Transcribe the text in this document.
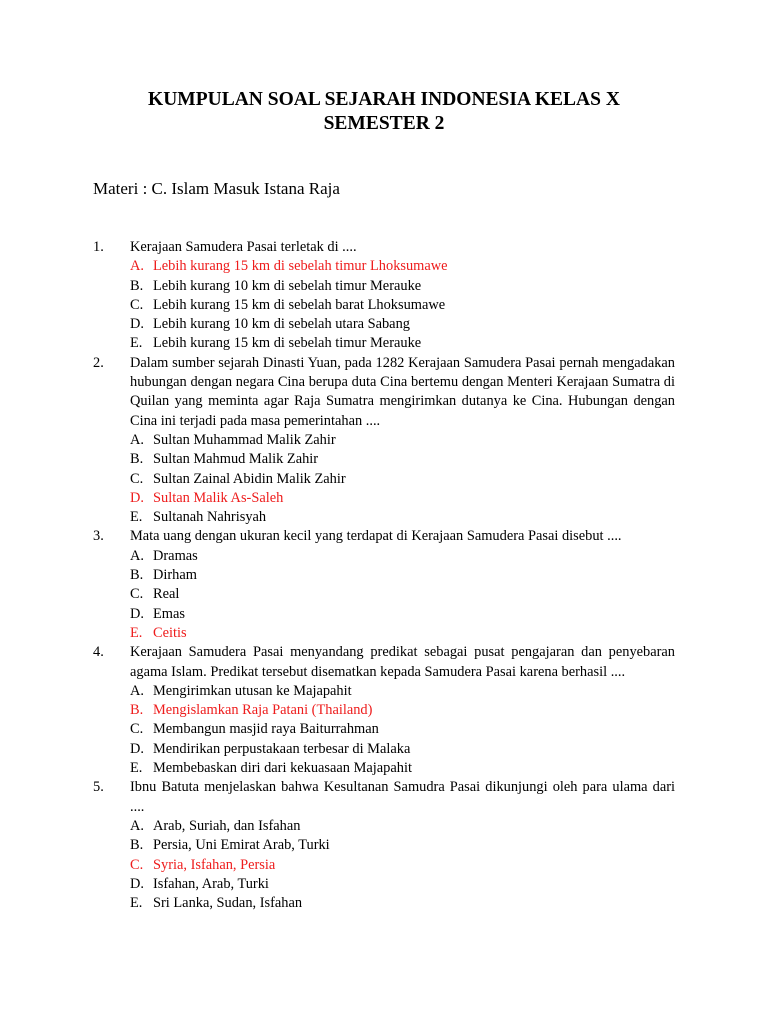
KUMPULAN SOAL SEJARAH INDONESIA KELAS X
SEMESTER 2
Materi : C. Islam Masuk Istana Raja
1. Kerajaan Samudera Pasai terletak di ....
A. Lebih kurang 15 km di sebelah timur Lhoksumawe
B. Lebih kurang 10 km di sebelah timur Merauke
C. Lebih kurang 15 km di sebelah barat Lhoksumawe
D. Lebih kurang 10 km di sebelah utara Sabang
E. Lebih kurang 15 km di sebelah timur Merauke
2. Dalam sumber sejarah Dinasti Yuan, pada 1282 Kerajaan Samudera Pasai pernah mengadakan hubungan dengan negara Cina berupa duta Cina bertemu dengan Menteri Kerajaan Sumatra di Quilan yang meminta agar Raja Sumatra mengirimkan dutanya ke Cina. Hubungan dengan Cina ini terjadi pada masa pemerintahan ....
A. Sultan Muhammad Malik Zahir
B. Sultan Mahmud Malik Zahir
C. Sultan Zainal Abidin Malik Zahir
D. Sultan Malik As-Saleh
E. Sultanah Nahrisyah
3. Mata uang dengan ukuran kecil yang terdapat di Kerajaan Samudera Pasai disebut ....
A. Dramas
B. Dirham
C. Real
D. Emas
E. Ceitis
4. Kerajaan Samudera Pasai menyandang predikat sebagai pusat pengajaran dan penyebaran agama Islam. Predikat tersebut disematkan kepada Samudera Pasai karena berhasil ....
A. Mengirimkan utusan ke Majapahit
B. Mengislamkan Raja Patani (Thailand)
C. Membangun masjid raya Baiturrahman
D. Mendirikan perpustakaan terbesar di Malaka
E. Membebaskan diri dari kekuasaan Majapahit
5. Ibnu Batuta menjelaskan bahwa Kesultanan Samudra Pasai dikunjungi oleh para ulama dari ....
A. Arab, Suriah, dan Isfahan
B. Persia, Uni Emirat Arab, Turki
C. Syria, Isfahan, Persia
D. Isfahan, Arab, Turki
E. Sri Lanka, Sudan, Isfahan
